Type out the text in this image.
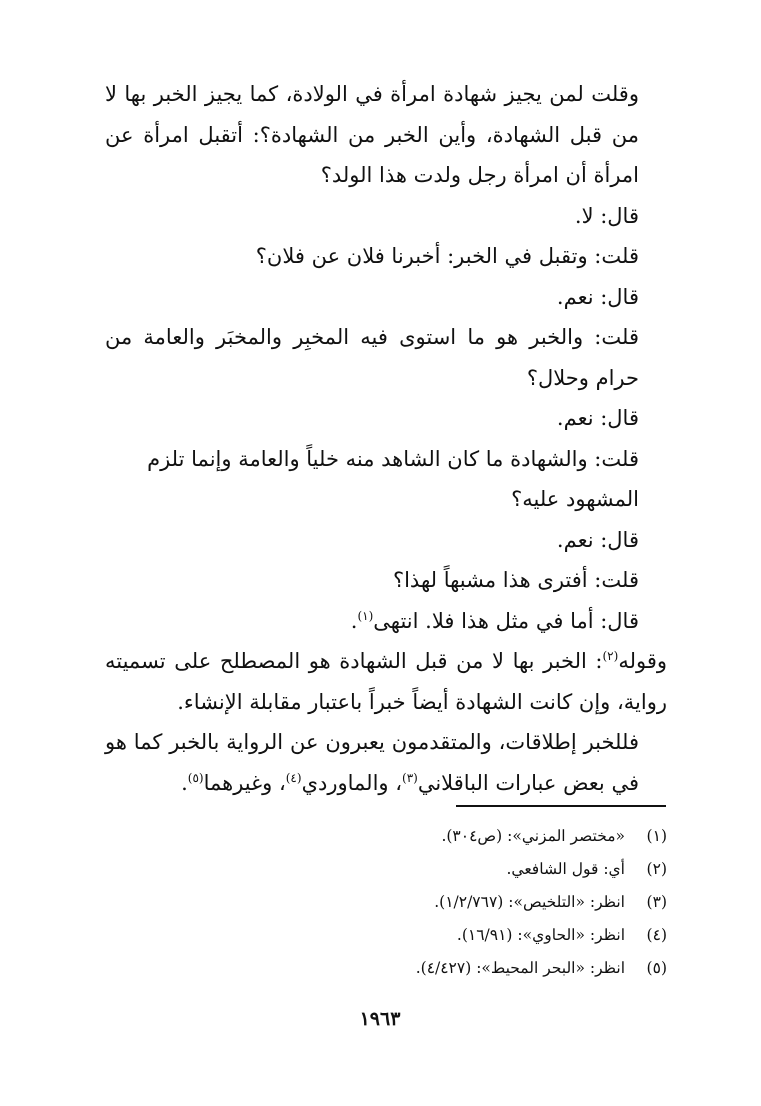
وقلت لمن يجيز شهادة امرأة في الولادة، كما يجيز الخبر بها لا من قبل الشهادة، وأين الخبر من الشهادة؟: أتقبل امرأة عن امرأة أن امرأة رجل ولدت هذا الولد؟

قال: لا.

قلت: وتقبل في الخبر: أخبرنا فلان عن فلان؟

قال: نعم.

قلت: والخبر هو ما استوى فيه المخبِر والمخبَر والعامة من حرام وحلال؟

قال: نعم.

قلت: والشهادة ما كان الشاهد منه خلياً والعامة وإنما تلزم المشهود عليه؟

قال: نعم.

قلت: أفترى هذا مشبهاً لهذا؟

قال: أما في مثل هذا فلا. انتهى$^{(١)}$.

وقوله$^{(٢)}$: الخبر بها لا من قبل الشهادة هو المصطلح على تسميته رواية، وإن كانت الشهادة أيضاً خبراً باعتبار مقابلة الإنشاء.

فللخبر إطلاقات، والمتقدمون يعبرون عن الرواية بالخبر كما هو في بعض عبارات الباقلاني$^{(٣)}$، والماوردي$^{(٤)}$، وغيرهما$^{(٥)}$.

(١)«مختصر المزني»: (ص٣٠٤).
(٢)أي: قول الشافعي.
(٣)انظر: «التلخيص»: (١/٢/٧٦٧).
(٤)انظر: «الحاوي»: (١٦/٩١).
(٥)انظر: «البحر المحيط»: (٤/٤٢٧).
١٩٦٣
